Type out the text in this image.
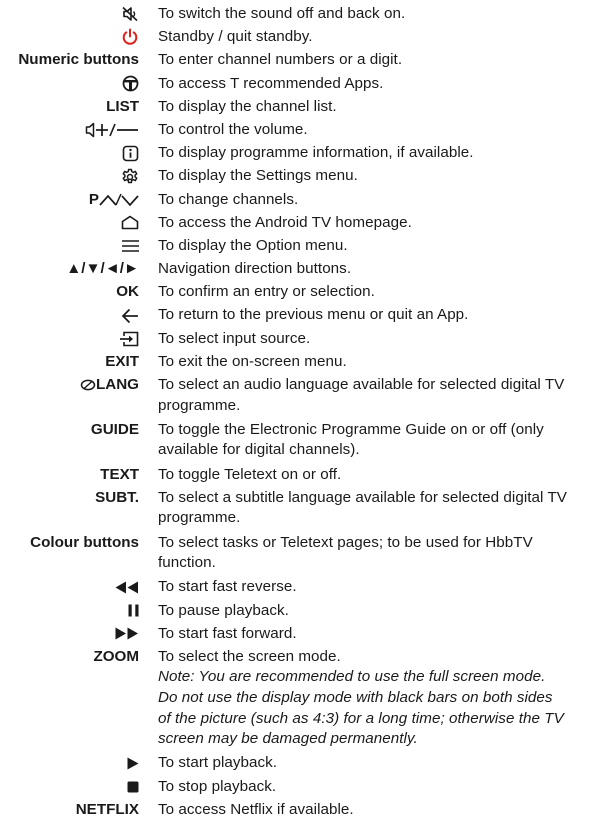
To switch the sound off and back on.
Standby / quit standby.
Numeric buttons To enter channel numbers or a digit.
To access T recommended Apps.
LIST To display the channel list.
To control the volume.
To display programme information, if available.
To display the Settings menu.
P	To change channels.
To access the Android TV homepage.
To display the Option menu.
▲/▼/◄/► Navigation direction buttons.
OK To confirm an entry or selection.
To return to the previous menu or quit an App.
To select input source.
EXIT To exit the on-screen menu.
LANG To select an audio language available for selected digital TV
programme.
GUIDE To toggle the Electronic Programme Guide on or off (only
available for digital channels).
TEXT To toggle Teletext on or off.
SUBT. To select a subtitle language available for selected digital TV
programme.
Colour buttons To select tasks or Teletext pages; to be used for HbbTV
function.
To start fast reverse.
To pause playback.
To start fast forward.
ZOOM To select the screen mode.
Note: You are recommended to use the full screen mode.
Do not use the display mode with black bars on both sides
of the picture (such as 4:3) for a long time; otherwise the TV
screen may be damaged permanently.
To start playback.
To stop playback.
NETFLIX To access Netflix if available.
